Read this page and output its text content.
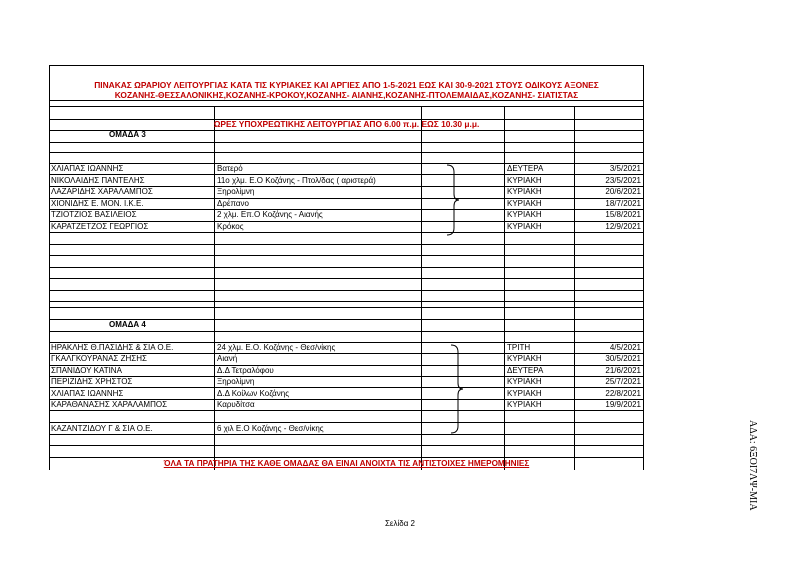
ΠΙΝΑΚΑΣ ΩΡΑΡΙΟΥ ΛΕΙΤΟΥΡΓΙΑΣ ΚΑΤΑ ΤΙΣ ΚΥΡΙΑΚΕΣ ΚΑΙ ΑΡΓΙΕΣ ΑΠΟ 1-5-2021 ΕΩΣ ΚΑΙ 30-9-2021 ΣΤΟΥΣ ΟΔΙΚΟΥΣ ΑΞΟΝΕΣ
ΚΟΖΑΝΗΣ-ΘΕΣΣΑΛΟΝΙΚΗΣ,ΚΟΖΑΝΗΣ-ΚΡΟΚΟΥ,ΚΟΖΑΝΗΣ- ΑΙΑΝΗΣ,ΚΟΖΑΝΗΣ-ΠΤΟΛΕΜΑΙΔΑΣ,ΚΟΖΑΝΗΣ- ΣΙΑΤΙΣΤΑΣ
ΩΡΕΣ ΥΠΟΧΡΕΩΤΙΚΗΣ ΛΕΙΤΟΥΡΓΙΑΣ ΑΠΟ 6.00 π.μ. ΕΩΣ 10.30 μ.μ.
ΟΜΑΔΑ 3
ΧΛΙΑΠΑΣ ΙΩΑΝΝΗΣ	Βατερό	ΔΕΥΤΕΡΑ	3/5/2021
ΝΙΚΟΛΑΙΔΗΣ ΠΑΝΤΕΛΗΣ	11ο χλμ. Ε.Ο Κοζάνης - Πτολ/δας ( αριστερά)	ΚΥΡΙΑΚΗ	23/5/2021
ΛΑΖΑΡΙΔΗΣ ΧΑΡΑΛΑΜΠΟΣ	Ξηρολίμνη	ΚΥΡΙΑΚΗ	20/6/2021
ΧΙΟΝΙΔΗΣ Ε. ΜΟΝ. Ι.Κ.Ε.	Δρέπανο	ΚΥΡΙΑΚΗ	18/7/2021
ΤΖΙΟΤΖΙΟΣ ΒΑΣΙΛΕΙΟΣ	2 χλμ. Επ.Ο Κοζάνης - Αιανής	ΚΥΡΙΑΚΗ	15/8/2021
ΚΑΡΑΤΖΕΤΖΟΣ ΓΕΩΡΓΙΟΣ	Κρόκος	ΚΥΡΙΑΚΗ	12/9/2021
ΟΜΑΔΑ 4
ΗΡΑΚΛΗΣ Θ.ΠΑΣΙΔΗΣ & ΣΙΑ Ο.Ε.	24 χλμ. Ε.Ο. Κοζάνης - Θεσ/νίκης	ΤΡΙΤΗ	4/5/2021
ΓΚΑΛΓΚΟΥΡΑΝΑΣ ΖΗΣΗΣ	Αιανή	ΚΥΡΙΑΚΗ	30/5/2021
ΣΠΑΝΙΔΟΥ ΚΑΤΙΝΑ	Δ.Δ Τετραλόφου	ΔΕΥΤΕΡΑ	21/6/2021
ΠΕΡΙΖΙΔΗΣ ΧΡΗΣΤΟΣ	Ξηρολίμνη	ΚΥΡΙΑΚΗ	25/7/2021
ΧΛΙΑΠΑΣ ΙΩΑΝΝΗΣ	Δ.Δ Κοίλων Κοζάνης	ΚΥΡΙΑΚΗ	22/8/2021
ΚΑΡΑΘΑΝΑΣΗΣ ΧΑΡΑΛΑΜΠΟΣ	Καρυδίτσα	ΚΥΡΙΑΚΗ	19/9/2021
ΚΑΖΑΝΤΖΙΔΟΥ Γ & ΣΙΑ Ο.Ε.	6 χιλ Ε.Ο Κοζάνης - Θεσ/νίκης
ΌΛΑ ΤΑ ΠΡΑΤΗΡΙΑ ΤΗΣ ΚΑΘΕ ΟΜΑΔΑΣ ΘΑ ΕΙΝΑΙ ΑΝΟΙΧΤΑ ΤΙΣ ΑΝΤΙΣΤΟΙΧΕΣ ΗΜΕΡΟΜΗΝΙΕΣ
Σελίδα 2
ΑΔΑ: 6ΞΟΙ7ΛΨ-ΜΙΑ
